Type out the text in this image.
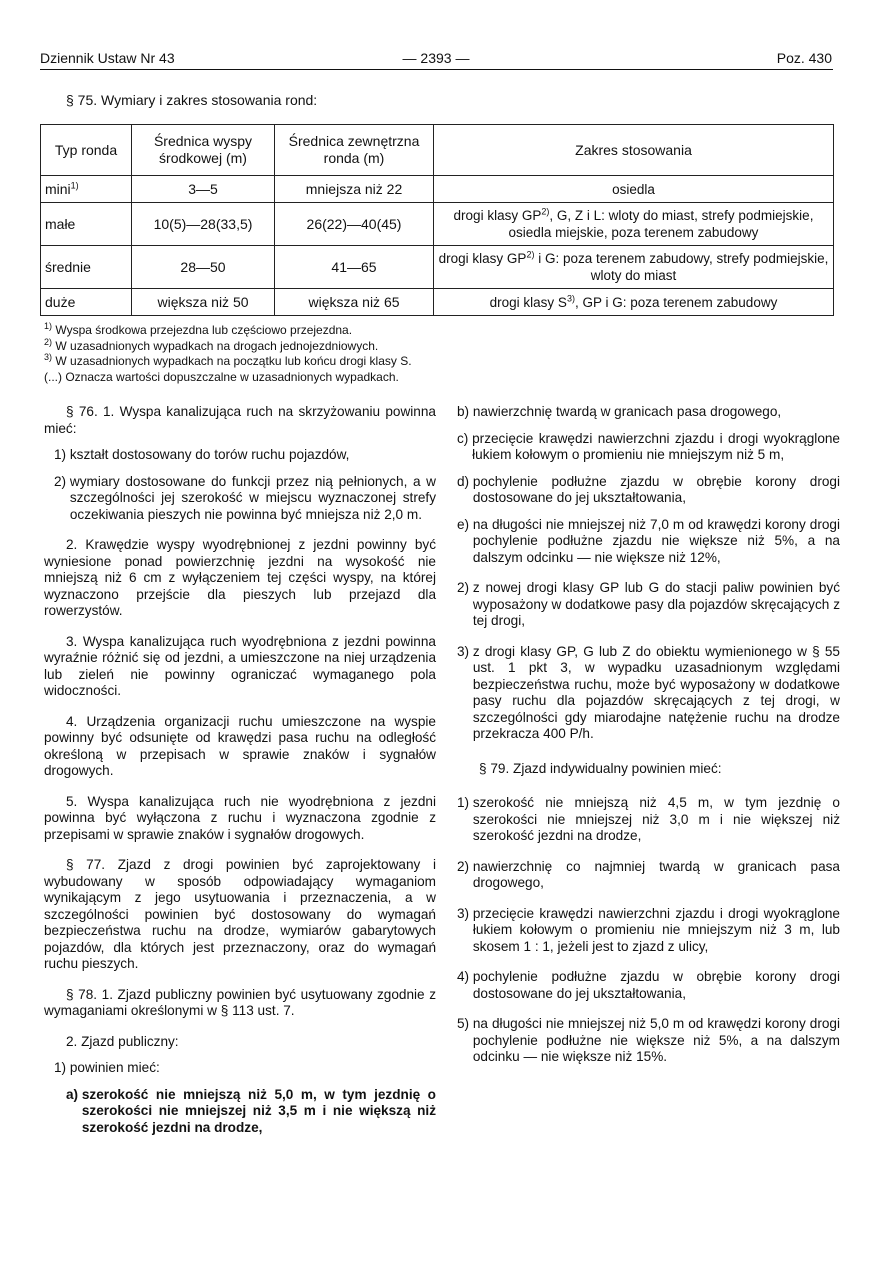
Dziennik Ustaw Nr 43	— 2393 —	Poz. 430
§ 75. Wymiary i zakres stosowania rond:
Typ ronda	Średnica wyspy środkowej (m)	Średnica zewnętrzna ronda (m)	Zakres stosowania
mini$^{1)}$	3—5	mniejsza niż 22	osiedla
małe	10(5)—28(33,5)	26(22)—40(45)	drogi klasy GP$^{2)}$, G, Z i L: wloty do miast, strefy podmiejskie, osiedla miejskie, poza terenem zabudowy
średnie	28—50	41—65	drogi klasy GP$^{2)}$ i G: poza terenem zabudowy, strefy podmiejskie, wloty do miast
duże	większa niż 50	większa niż 65	drogi klasy $S^{3)}$, GP i G: poza terenem zabudowy
$^{1)}$ Wyspa środkowa przejezdna lub częściowo przejezdna.
$^{2)}$ W uzasadnionych wypadkach na drogach jednojezdniowych.
$^{3)}$ W uzasadnionych wypadkach na początku lub końcu drogi klasy S.
(...) Oznacza wartości dopuszczalne w uzasadnionych wypadkach.

§ 76. 1. Wyspa kanalizująca ruch na skrzyżowaniu powinna mieć:

1)
kształt dostosowany do torów ruchu pojazdów,
2)
wymiary dostosowane do funkcji przez nią pełnionych, a w szczególności jej szerokość w miejscu wyznaczonej strefy oczekiwania pieszych nie powinna być mniejsza niż 2,0 m.

2. Krawędzie wyspy wyodrębnionej z jezdni powinny być wyniesione ponad powierzchnię jezdni na wysokość nie mniejszą niż 6 cm z wyłączeniem tej części wyspy, na której wyznaczono przejście dla pieszych lub przejazd dla rowerzystów.

3. Wyspa kanalizująca ruch wyodrębniona z jezdni powinna wyraźnie różnić się od jezdni, a umieszczone na niej urządzenia lub zieleń nie powinny ograniczać wymaganego pola widoczności.

4. Urządzenia organizacji ruchu umieszczone na wyspie powinny być odsunięte od krawędzi pasa ruchu na odległość określoną w przepisach w sprawie znaków i sygnałów drogowych.

5. Wyspa kanalizująca ruch nie wyodrębniona z jezdni powinna być wyłączona z ruchu i wyznaczona zgodnie z przepisami w sprawie znaków i sygnałów drogowych.

§ 77. Zjazd z drogi powinien być zaprojektowany i wybudowany w sposób odpowiadający wymaganiom wynikającym z jego usytuowania i przeznaczenia, a w szczególności powinien być dostosowany do wymagań bezpieczeństwa ruchu na drodze, wymiarów gabarytowych pojazdów, dla których jest przeznaczony, oraz do wymagań ruchu pieszych.

§ 78. 1. Zjazd publiczny powinien być usytuowany zgodnie z wymaganiami określonymi w § 113 ust. 7.

2. Zjazd publiczny:

1) powinien mieć:

a)
szerokość nie mniejszą niż 5,0 m, w tym jezdnię o szerokości nie mniejszej niż 3,5 m i nie większą niż szerokość jezdni na drodze,
b)
nawierzchnię twardą w granicach pasa drogowego,
c)
przecięcie krawędzi nawierzchni zjazdu i drogi wyokrąglone łukiem kołowym o promieniu nie mniejszym niż 5 m,
d)
pochylenie podłużne zjazdu w obrębie korony drogi dostosowane do jej ukształtowania,
e)
na długości nie mniejszej niż 7,0 m od krawędzi korony drogi pochylenie podłużne zjazdu nie większe niż 5%, a na dalszym odcinku — nie większe niż 12%,
2)
z nowej drogi klasy GP lub G do stacji paliw powinien być wyposażony w dodatkowe pasy dla pojazdów skręcających z tej drogi,
3)
z drogi klasy GP, G lub Z do obiektu wymienionego w § 55 ust. 1 pkt 3, w wypadku uzasadnionym względami bezpieczeństwa ruchu, może być wyposażony w dodatkowe pasy ruchu dla pojazdów skręcających z tej drogi, w szczególności gdy miarodajne natężenie ruchu na drodze przekracza 400 P/h.

§ 79. Zjazd indywidualny powinien mieć:

1)
szerokość nie mniejszą niż 4,5 m, w tym jezdnię o szerokości nie mniejszej niż 3,0 m i nie większej niż szerokość jezdni na drodze,
2)
nawierzchnię co najmniej twardą w granicach pasa drogowego,
3)
przecięcie krawędzi nawierzchni zjazdu i drogi wyokrąglone łukiem kołowym o promieniu nie mniejszym niż 3 m, lub skosem 1 : 1, jeżeli jest to zjazd z ulicy,
4)
pochylenie podłużne zjazdu w obrębie korony drogi dostosowane do jej ukształtowania,
5)
na długości nie mniejszej niż 5,0 m od krawędzi korony drogi pochylenie podłużne nie większe niż 5%, a na dalszym odcinku — nie większe niż 15%.
